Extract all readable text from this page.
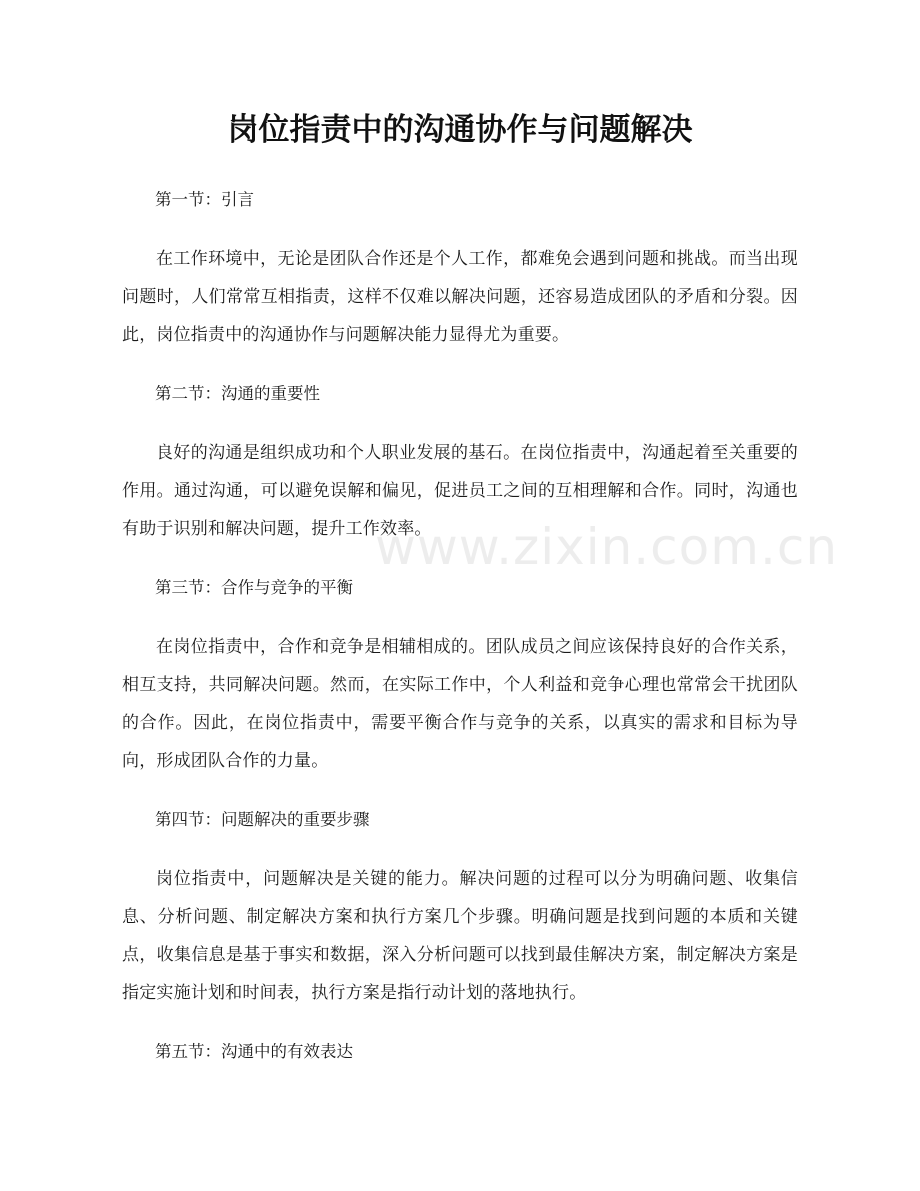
岗位指责中的沟通协作与问题解决

第一节：引言

在工作环境中，无论是团队合作还是个人工作，都难免会遇到问题和挑战。而当出现问题时，人们常常互相指责，这样不仅难以解决问题，还容易造成团队的矛盾和分裂。因此，岗位指责中的沟通协作与问题解决能力显得尤为重要。

第二节：沟通的重要性

良好的沟通是组织成功和个人职业发展的基石。在岗位指责中，沟通起着至关重要的作用。通过沟通，可以避免误解和偏见，促进员工之间的互相理解和合作。同时，沟通也有助于识别和解决问题，提升工作效率。

第三节：合作与竞争的平衡

在岗位指责中，合作和竞争是相辅相成的。团队成员之间应该保持良好的合作关系，相互支持，共同解决问题。然而，在实际工作中，个人利益和竞争心理也常常会干扰团队的合作。因此，在岗位指责中，需要平衡合作与竞争的关系，以真实的需求和目标为导向，形成团队合作的力量。

第四节：问题解决的重要步骤

岗位指责中，问题解决是关键的能力。解决问题的过程可以分为明确问题、收集信息、分析问题、制定解决方案和执行方案几个步骤。明确问题是找到问题的本质和关键点，收集信息是基于事实和数据，深入分析问题可以找到最佳解决方案，制定解决方案是指定实施计划和时间表，执行方案是指行动计划的落地执行。

第五节：沟通中的有效表达

www.zixin.com.cn
